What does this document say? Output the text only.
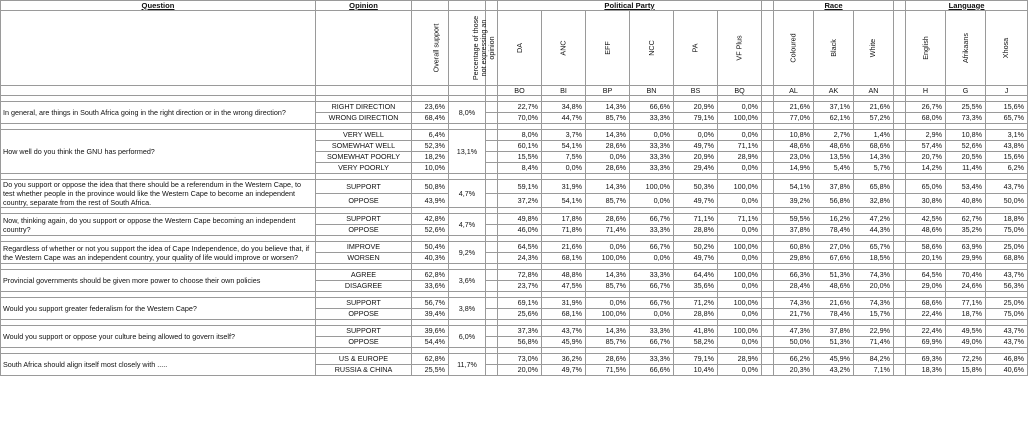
Question	Opinion				Political Party							Race				Language		
		Overall support	Percentage of those not expressing an opinion		DA	ANC	EFF	NCC	PA	VF Plus		Coloured	Black	White		English	Afrikaans	Xhosa
					BO	BI	BP	BN	BS	BQ		AL	AK	AN		H	G	J

In general, are things in South Africa going in the right direction or in the wrong direction?	RIGHT DIRECTION	23,6%	8,0%		22,7%	34,8%	14,3%	66,6%	20,9%	0,0%		21,6%	37,1%	21,6%		26,7%	25,5%	15,6%
	WRONG DIRECTION	68,4%			70,0%	44,7%	85,7%	33,3%	79,1%	100,0%		77,0%	62,1%	57,2%		68,0%	73,3%	65,7%

How well do you think the GNU has performed?	VERY WELL	6,4%	13,1%		8,0%	3,7%	14,3%	0,0%	0,0%	0,0%		10,8%	2,7%	1,4%		2,9%	10,8%	3,1%
	SOMEWHAT WELL	52,3%			60,1%	54,1%	28,6%	33,3%	49,7%	71,1%		48,6%	48,6%	68,6%		57,4%	52,6%	43,8%
	SOMEWHAT POORLY	18,2%			15,5%	7,5%	0,0%	33,3%	20,9%	28,9%		23,0%	13,5%	14,3%		20,7%	20,5%	15,6%
	VERY POORLY	10,0%			8,4%	0,0%	28,6%	33,3%	29,4%	0,0%		14,9%	5,4%	5,7%		14,2%	11,4%	6,2%

Do you support or oppose the idea that there should be a referendum in the Western Cape, to test whether people in the province would like the Western Cape to become an independent country, separate from the rest of South Africa.	SUPPORT	50,8%	4,7%		59,1%	31,9%	14,3%	100,0%	50,3%	100,0%		54,1%	37,8%	65,8%		65,0%	53,4%	43,7%
	OPPOSE	43,9%			37,2%	54,1%	85,7%	0,0%	49,7%	0,0%		39,2%	56,8%	32,8%		30,8%	40,8%	50,0%

Now, thinking again, do you support or oppose the Western Cape becoming an independent country?	SUPPORT	42,8%	4,7%		49,8%	17,8%	28,6%	66,7%	71,1%	71,1%		59,5%	16,2%	47,2%		42,5%	62,7%	18,8%
	OPPOSE	52,6%			46,0%	71,8%	71,4%	33,3%	28,8%	0,0%		37,8%	78,4%	44,3%		48,6%	35,2%	75,0%

Regardless of whether or not you support the idea of Cape Independence, do you believe that, if the Western Cape was an independent country, your quality of life would improve or worsen?	IMPROVE	50,4%	9,2%		64,5%	21,6%	0,0%	66,7%	50,2%	100,0%		60,8%	27,0%	65,7%		58,6%	63,9%	25,0%
	WORSEN	40,3%			24,3%	68,1%	100,0%	0,0%	49,7%	0,0%		29,8%	67,6%	18,5%		20,1%	29,9%	68,8%

Provincial governments should be given more power to choose their own policies	AGREE	62,8%	3,6%		72,8%	48,8%	14,3%	33,3%	64,4%	100,0%		66,3%	51,3%	74,3%		64,5%	70,4%	43,7%
	DISAGREE	33,6%			23,7%	47,5%	85,7%	66,7%	35,6%	0,0%		28,4%	48,6%	20,0%		29,0%	24,6%	56,3%

Would you support greater federalism for the Western Cape?	SUPPORT	56,7%	3,8%		69,1%	31,9%	0,0%	66,7%	71,2%	100,0%		74,3%	21,6%	74,3%		68,6%	77,1%	25,0%
	OPPOSE	39,4%			25,6%	68,1%	100,0%	0,0%	28,8%	0,0%		21,7%	78,4%	15,7%		22,4%	18,7%	75,0%

Would you support or oppose your culture being allowed to govern itself?	SUPPORT	39,6%	6,0%		37,3%	43,7%	14,3%	33,3%	41,8%	100,0%		47,3%	37,8%	22,9%		22,4%	49,5%	43,7%
	OPPOSE	54,4%			56,8%	45,9%	85,7%	66,7%	58,2%	0,0%		50,0%	51,3%	71,4%		69,9%	49,0%	43,7%

South Africa should align itself most closely with .....	US & EUROPE	62,8%	11,7%		73,0%	36,2%	28,6%	33,3%	79,1%	28,9%		66,2%	45,9%	84,2%		69,3%	72,2%	46,8%
	RUSSIA & CHINA	25,5%			20,0%	49,7%	71,5%	66,6%	10,4%	0,0%		20,3%	43,2%	7,1%		18,3%	15,8%	40,6%
